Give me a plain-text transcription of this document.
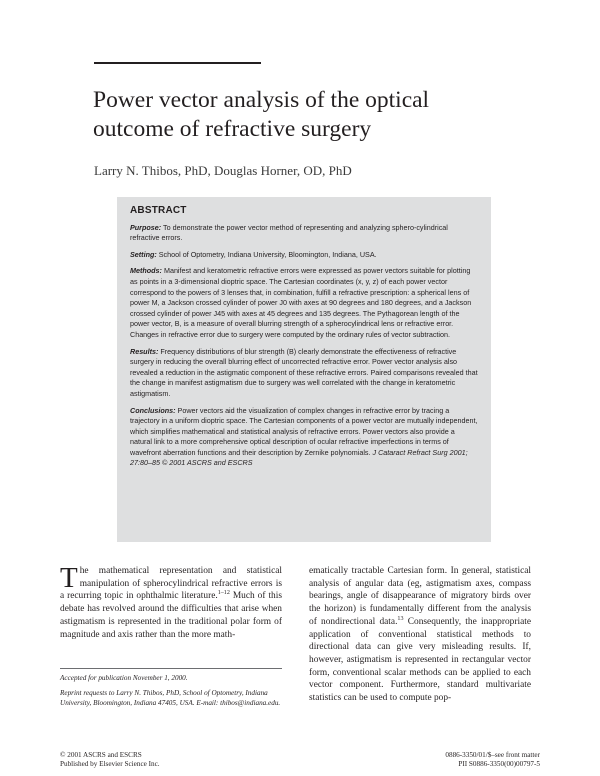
Power vector analysis of the optical outcome of refractive surgery
Larry N. Thibos, PhD, Douglas Horner, OD, PhD
ABSTRACT

Purpose: To demonstrate the power vector method of representing and analyzing sphero-cylindrical refractive errors.

Setting: School of Optometry, Indiana University, Bloomington, Indiana, USA.

Methods: Manifest and keratometric refractive errors were expressed as power vectors suitable for plotting as points in a 3-dimensional dioptric space. The Cartesian coordinates (x, y, z) of each power vector correspond to the powers of 3 lenses that, in combination, fulfill a refractive prescription: a spherical lens of power M, a Jackson crossed cylinder of power J0 with axes at 90 degrees and 180 degrees, and a Jackson crossed cylinder of power J45 with axes at 45 degrees and 135 degrees. The Pythagorean length of the power vector, B, is a measure of overall blurring strength of a spherocylindrical lens or refractive error. Changes in refractive error due to surgery were computed by the ordinary rules of vector subtraction.

Results: Frequency distributions of blur strength (B) clearly demonstrate the effectiveness of refractive surgery in reducing the overall blurring effect of uncorrected refractive error. Power vector analysis also revealed a reduction in the astigmatic component of these refractive errors. Paired comparisons revealed that the change in manifest astigmatism due to surgery was well correlated with the change in keratometric astigmatism.

Conclusions: Power vectors aid the visualization of complex changes in refractive error by tracing a trajectory in a uniform dioptric space. The Cartesian components of a power vector are mutually independent, which simplifies mathematical and statistical analysis of refractive errors. Power vectors also provide a natural link to a more comprehensive optical description of ocular refractive imperfections in terms of wavefront aberration functions and their description by Zernike polynomials. J Cataract Refract Surg 2001; 27:80–85 © 2001 ASCRS and ESCRS

The mathematical representation and statistical manipulation of spherocylindrical refractive errors is a recurring topic in ophthalmic literature.$^{1-12}$ Much of this debate has revolved around the difficulties that arise when astigmatism is represented in the traditional polar form of magnitude and axis rather than the more math-

ematically tractable Cartesian form. In general, statistical analysis of angular data (eg, astigmatism axes, compass bearings, angle of disappearance of migratory birds over the horizon) is fundamentally different from the analysis of nondirectional data.$^{13}$ Consequently, the inappropriate application of conventional statistical methods to directional data can give very misleading results. If, however, astigmatism is represented in rectangular vector form, conventional scalar methods can be applied to each vector component. Furthermore, standard multivariate statistics can be used to compute pop-

Accepted for publication November 1, 2000.

Reprint requests to Larry N. Thibos, PhD, School of Optometry, Indiana University, Bloomington, Indiana 47405, USA. E-mail: thibos@indiana.edu.

© 2001 ASCRS and ESCRS
Published by Elsevier Science Inc.
0886-3350/01/$–see front matter
PII S0886-3350(00)00797-5
